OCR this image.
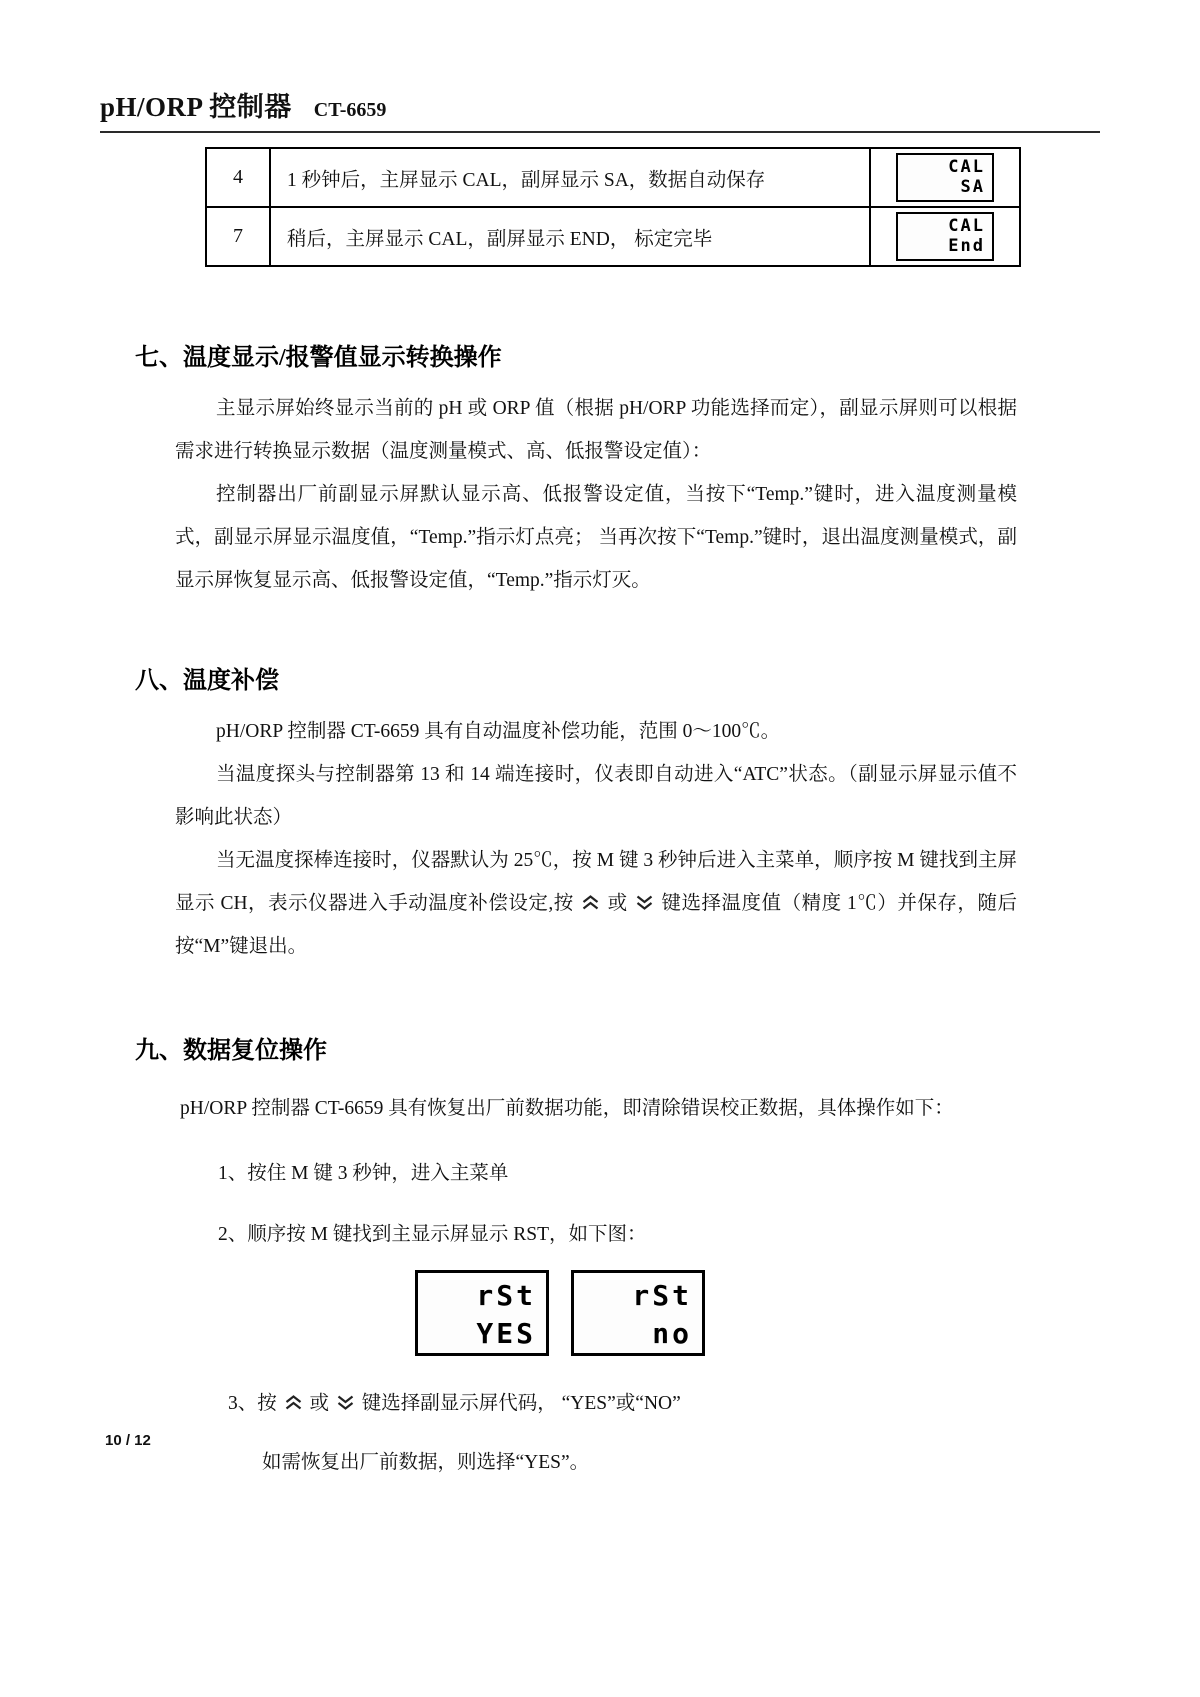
pH/ORP 控制器 CT-6659
4	1 秒钟后，主屏显示 CAL，副屏显示 SA，数据自动保存	CAL
SA

7	稍后，主屏显示 CAL，副屏显示 END， 标定完毕	CAL
End
七、温度显示/报警值显示转换操作

主显示屏始终显示当前的 pH 或 ORP 值（根据 pH/ORP 功能选择而定），副显示屏则可以根据需求进行转换显示数据（温度测量模式、高、低报警设定值）：

控制器出厂前副显示屏默认显示高、低报警设定值，当按下“Temp.”键时，进入温度测量模式，副显示屏显示温度值，“Temp.”指示灯点亮； 当再次按下“Temp.”键时，退出温度测量模式，副显示屏恢复显示高、低报警设定值，“Temp.”指示灯灭。

八、温度补偿

pH/ORP 控制器 CT-6659 具有自动温度补偿功能，范围 0～100℃。

当温度探头与控制器第 13 和 14 端连接时，仪表即自动进入“ATC”状态。（副显示屏显示值不影响此状态）

当无温度探棒连接时，仪器默认为 25℃，按 M 键 3 秒钟后进入主菜单，顺序按 M 键找到主屏显示 CH，表示仪器进入手动温度补偿设定,按
或
键选择温度值（精度 1℃）并保存，随后按“M”键退出。

九、数据复位操作

pH/ORP 控制器 CT-6659 具有恢复出厂前数据功能，即清除错误校正数据，具体操作如下：

1、按住 M 键 3 秒钟，进入主菜单

2、顺序按 M 键找到主显示屏显示 RST，如下图：

rSt
YES
rSt
no

3、按
或
键选择副显示屏代码， “YES”或“NO”

如需恢复出厂前数据，则选择“YES”。

10 / 12
